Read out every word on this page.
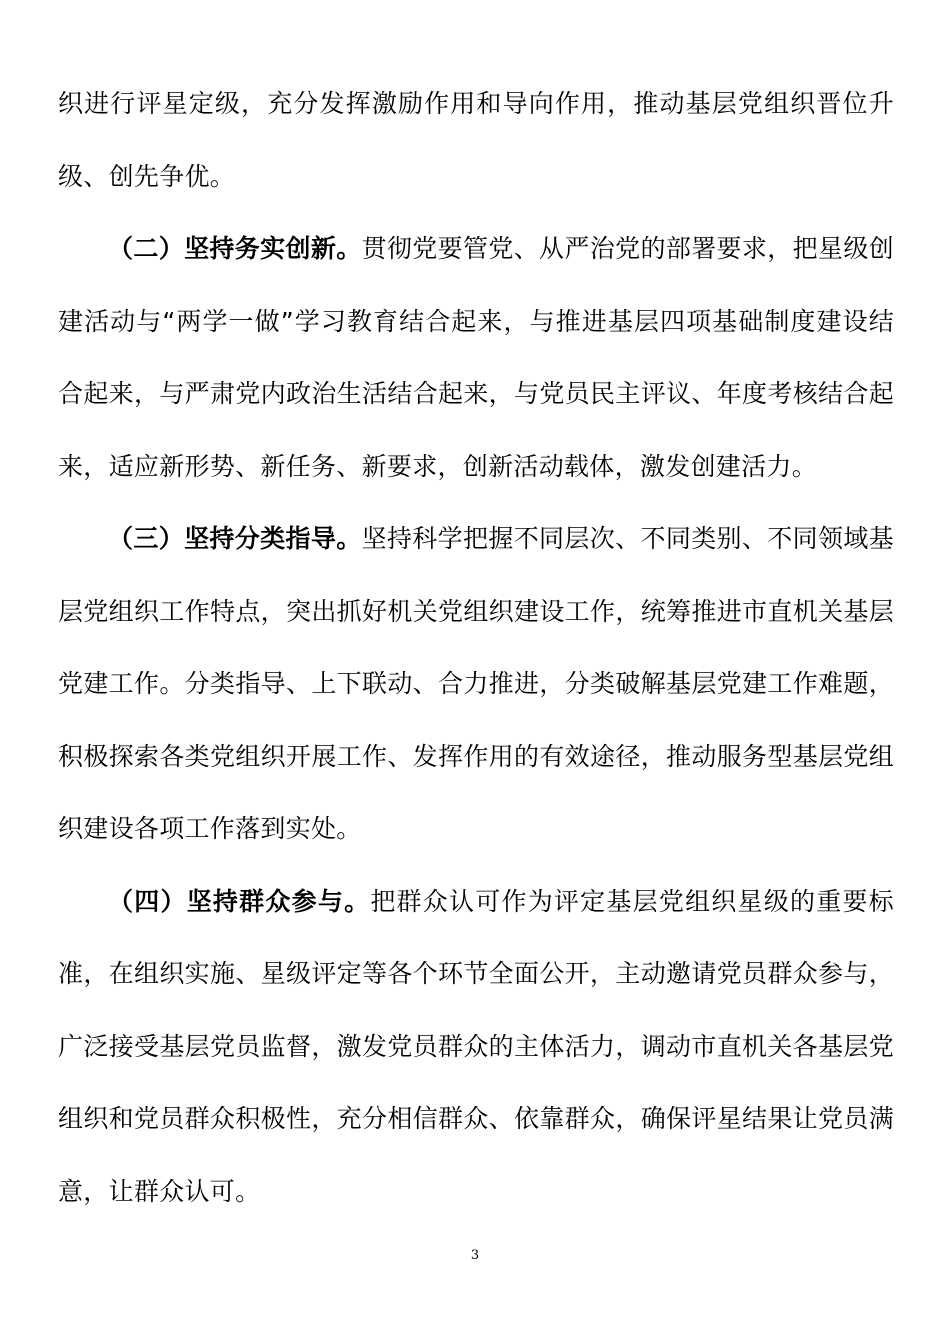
织进行评星定级，充分发挥激励作用和导向作用，推动基层党组织晋位升级、创先争优。

（二）坚持务实创新。贯彻党要管党、从严治党的部署要求，把星级创建活动与“两学一做”学习教育结合起来，与推进基层四项基础制度建设结合起来，与严肃党内政治生活结合起来，与党员民主评议、年度考核结合起来，适应新形势、新任务、新要求，创新活动载体，激发创建活力。

（三）坚持分类指导。坚持科学把握不同层次、不同类别、不同领域基层党组织工作特点，突出抓好机关党组织建设工作，统筹推进市直机关基层党建工作。分类指导、上下联动、合力推进，分类破解基层党建工作难题，积极探索各类党组织开展工作、发挥作用的有效途径，推动服务型基层党组织建设各项工作落到实处。

（四）坚持群众参与。把群众认可作为评定基层党组织星级的重要标准，在组织实施、星级评定等各个环节全面公开，主动邀请党员群众参与，广泛接受基层党员监督，激发党员群众的主体活力，调动市直机关各基层党组织和党员群众积极性，充分相信群众、依靠群众，确保评星结果让党员满意，让群众认可。

3
